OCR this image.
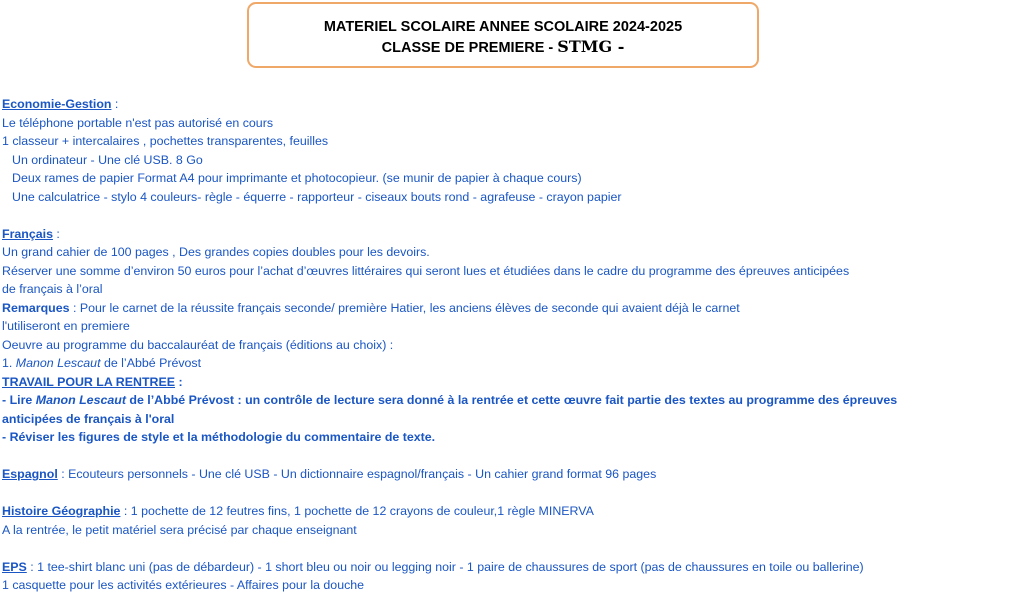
MATERIEL SCOLAIRE ANNEE SCOLAIRE 2024-2025
CLASSE DE PREMIERE - STMG -

Economie-Gestion :

Le téléphone portable n'est pas autorisé en cours

1 classeur + intercalaires , pochettes transparentes, feuilles

Un ordinateur - Une clé USB. 8 Go

Deux rames de papier Format A4 pour imprimante et photocopieur. (se munir de papier à chaque cours)

Une calculatrice - stylo 4 couleurs- règle - équerre - rapporteur - ciseaux bouts rond - agrafeuse - crayon papier

Français :

Un grand cahier de 100 pages , Des grandes copies doubles pour les devoirs.

Réserver une somme d’environ 50 euros pour l’achat d’œuvres littéraires qui seront lues et étudiées dans le cadre du programme des épreuves anticipées

de français à l’oral

Remarques : Pour le carnet de la réussite français seconde/ première Hatier, les anciens élèves de seconde qui avaient déjà le carnet

l'utiliseront en premiere

Oeuvre au programme du baccalauréat de français (éditions au choix) :

1. Manon Lescaut de l’Abbé Prévost

TRAVAIL POUR LA RENTREE :

- Lire Manon Lescaut de l’Abbé Prévost : un contrôle de lecture sera donné à la rentrée et cette œuvre fait partie des textes au programme des épreuves

anticipées de français à l'oral

- Réviser les figures de style et la méthodologie du commentaire de texte.

Espagnol : Ecouteurs personnels - Une clé USB - Un dictionnaire espagnol/français - Un cahier grand format 96 pages

Histoire Géographie : 1 pochette de 12 feutres fins, 1 pochette de 12 crayons de couleur,1 règle MINERVA

A la rentrée, le petit matériel sera précisé par chaque enseignant

EPS : 1 tee-shirt blanc uni (pas de débardeur) - 1 short bleu ou noir ou legging noir - 1 paire de chaussures de sport (pas de chaussures en toile ou ballerine)

1 casquette pour les activités extérieures - Affaires pour la douche
